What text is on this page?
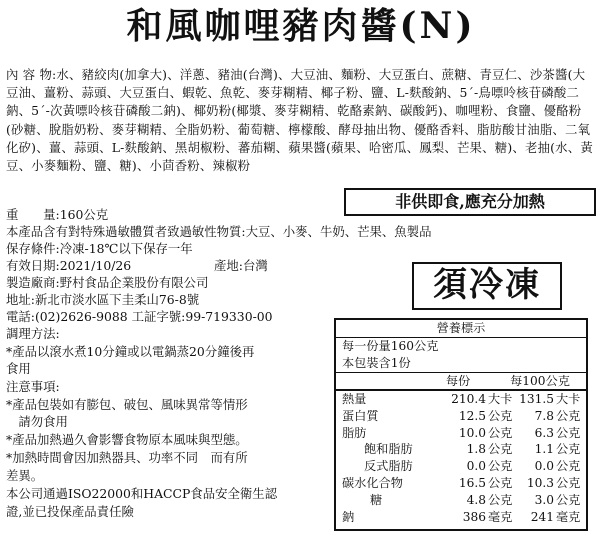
和風咖哩豬肉醬(N)

內 容 物:水、豬絞肉(加拿大)、洋蔥、豬油(台灣)、大豆油、麵粉、大豆蛋白、蔗糖、青豆仁、沙茶醬(大豆油、薑粉、蒜頭、大豆蛋白、蝦乾、魚乾、麥芽糊精、椰子粉、鹽、L-麩酸鈉、5´-鳥嘌呤核苷磷酸二鈉、5´-次黃嘌呤核苷磷酸二鈉)、椰奶粉(椰漿、麥芽糊精、乾酪素鈉、碳酸鈣)、咖哩粉、食鹽、優酪粉(砂糖、脫脂奶粉、麥芽糊精、全脂奶粉、葡萄糖、檸檬酸、酵母抽出物、優酪香料、脂肪酸甘油脂、二氧化矽)、薑、蒜頭、L-麩酸鈉、黑胡椒粉、蕃茄糊、蘋果醬(蘋果、哈密瓜、鳳梨、芒果、糖)、老抽(水、黃豆、小麥麵粉、鹽、糖)、小茴香粉、辣椒粉

重　　量:160公克

非供即食,應充分加熱

本產品含有對特殊過敏體質者致過敏性物質:大豆、小麥、牛奶、芒果、魚製品

保存條件:冷凍-18℃以下保存一年

有效日期:2021/10/26	產地:台灣

製造廠商:野村食品企業股份有限公司

地址:新北市淡水區下圭柔山76-8號

電話:(02)2626-9088 工証字號:99-719330-00

須冷凍

調理方法:

*產品以滾水煮10分鐘或以電鍋蒸20分鐘後再

食用

注意事項:

*產品包裝如有膨包、破包、風味異常等情形

　請勿食用

*產品加熱過久會影響食物原本風味與型態。

*加熱時間會因加熱器具、功率不同　而有所

差異。

本公司通過ISO22000和HACCP食品安全衛生認

證,並已投保產品責任險

營養標示
每一份量160公克
本包裝含1份
每份	每100公克
熱量	210.4 大卡 131.5 大卡
蛋白質	12.5 公克	7.8 公克
脂肪	10.0 公克	6.3 公克
飽和脂肪	1.8 公克	1.1 公克
反式脂肪	0.0 公克	0.0 公克
碳水化合物	16.5 公克	10.3 公克
糖	4.8 公克	3.0 公克
鈉	386 毫克	241 毫克
